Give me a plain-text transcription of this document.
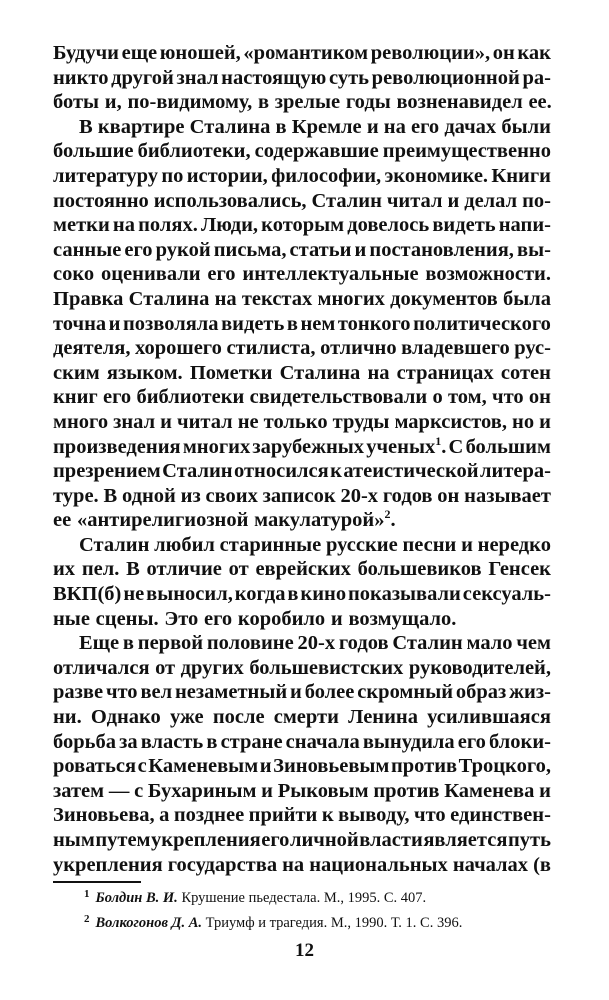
Будучи еще юношей, «романтиком революции», он как
никто другой знал настоящую суть революционной ра-
боты и, по-видимому, в зрелые годы возненавидел ее.
В квартире Сталина в Кремле и на его дачах были
большие библиотеки, содержавшие преимущественно
литературу по истории, философии, экономике. Книги
постоянно использовались, Сталин читал и делал по-
метки на полях. Люди, которым довелось видеть напи-
санные его рукой письма, статьи и постановления, вы-
соко оценивали его интеллектуальные возможности.
Правка Сталина на текстах многих документов была
точна и позволяла видеть в нем тонкого политического
деятеля, хорошего стилиста, отлично владевшего рус-
ским языком. Пометки Сталина на страницах сотен
книг его библиотеки свидетельствовали о том, что он
много знал и читал не только труды марксистов, но и
произведения многих зарубежных ученых$^1$. С большим
презрением Сталин относился к атеистической литера-
туре. В одной из своих записок 20-х годов он называет
ее «антирелигиозной макулатурой»$^2$.
Сталин любил старинные русские песни и нередко
их пел. В отличие от еврейских большевиков Генсек
ВКП(б) не выносил, когда в кино показывали сексуаль-
ные сцены. Это его коробило и возмущало.
Еще в первой половине 20-х годов Сталин мало чем
отличался от других большевистских руководителей,
разве что вел незаметный и более скромный образ жиз-
ни. Однако уже после смерти Ленина усилившаяся
борьба за власть в стране сначала вынудила его блоки-
роваться с Каменевым и Зиновьевым против Троцкого,
затем — с Бухариным и Рыковым против Каменева и
Зиновьева, а позднее прийти к выводу, что единствен-
ным путем укрепления его личной власти является путь
укрепления государства на национальных началах (в
$^1$ Болдин В. И. Крушение пьедестала. М., 1995. С. 407.
$^2$ Волкогонов Д. А. Триумф и трагедия. М., 1990. Т. 1. С. 396.
12
